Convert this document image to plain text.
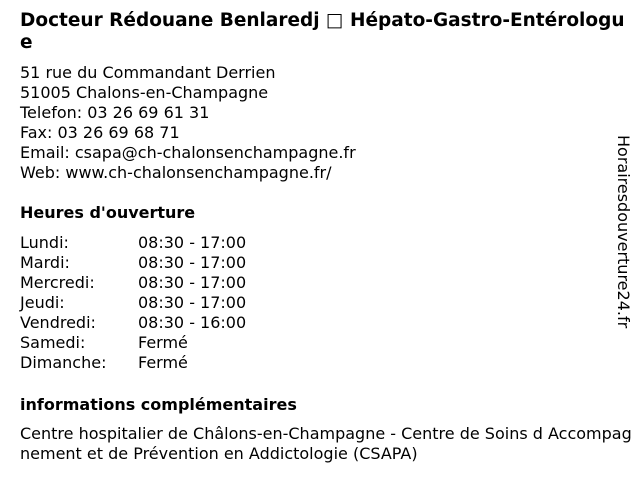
Docteur Rédouane Benlaredj □ Hépato-Gastro-Entérologue
51 rue du Commandant Derrien
51005 Chalons-en-Champagne
Telefon: 03 26 69 61 31
Fax: 03 26 69 68 71
Email: csapa@ch-chalonsenchampagne.fr
Web: www.ch-chalonsenchampagne.fr/
Heures d'ouverture
Lundi:	08:30 - 17:00
Mardi:	08:30 - 17:00
Mercredi:	08:30 - 17:00
Jeudi:	08:30 - 17:00
Vendredi:	08:30 - 16:00
Samedi:	Fermé
Dimanche:	Fermé
informations complémentaires
Centre hospitalier de Châlons-en-Champagne - Centre de Soins d Accompagnement et de Prévention en Addictologie (CSAPA)
Horairesdouverture24.fr
